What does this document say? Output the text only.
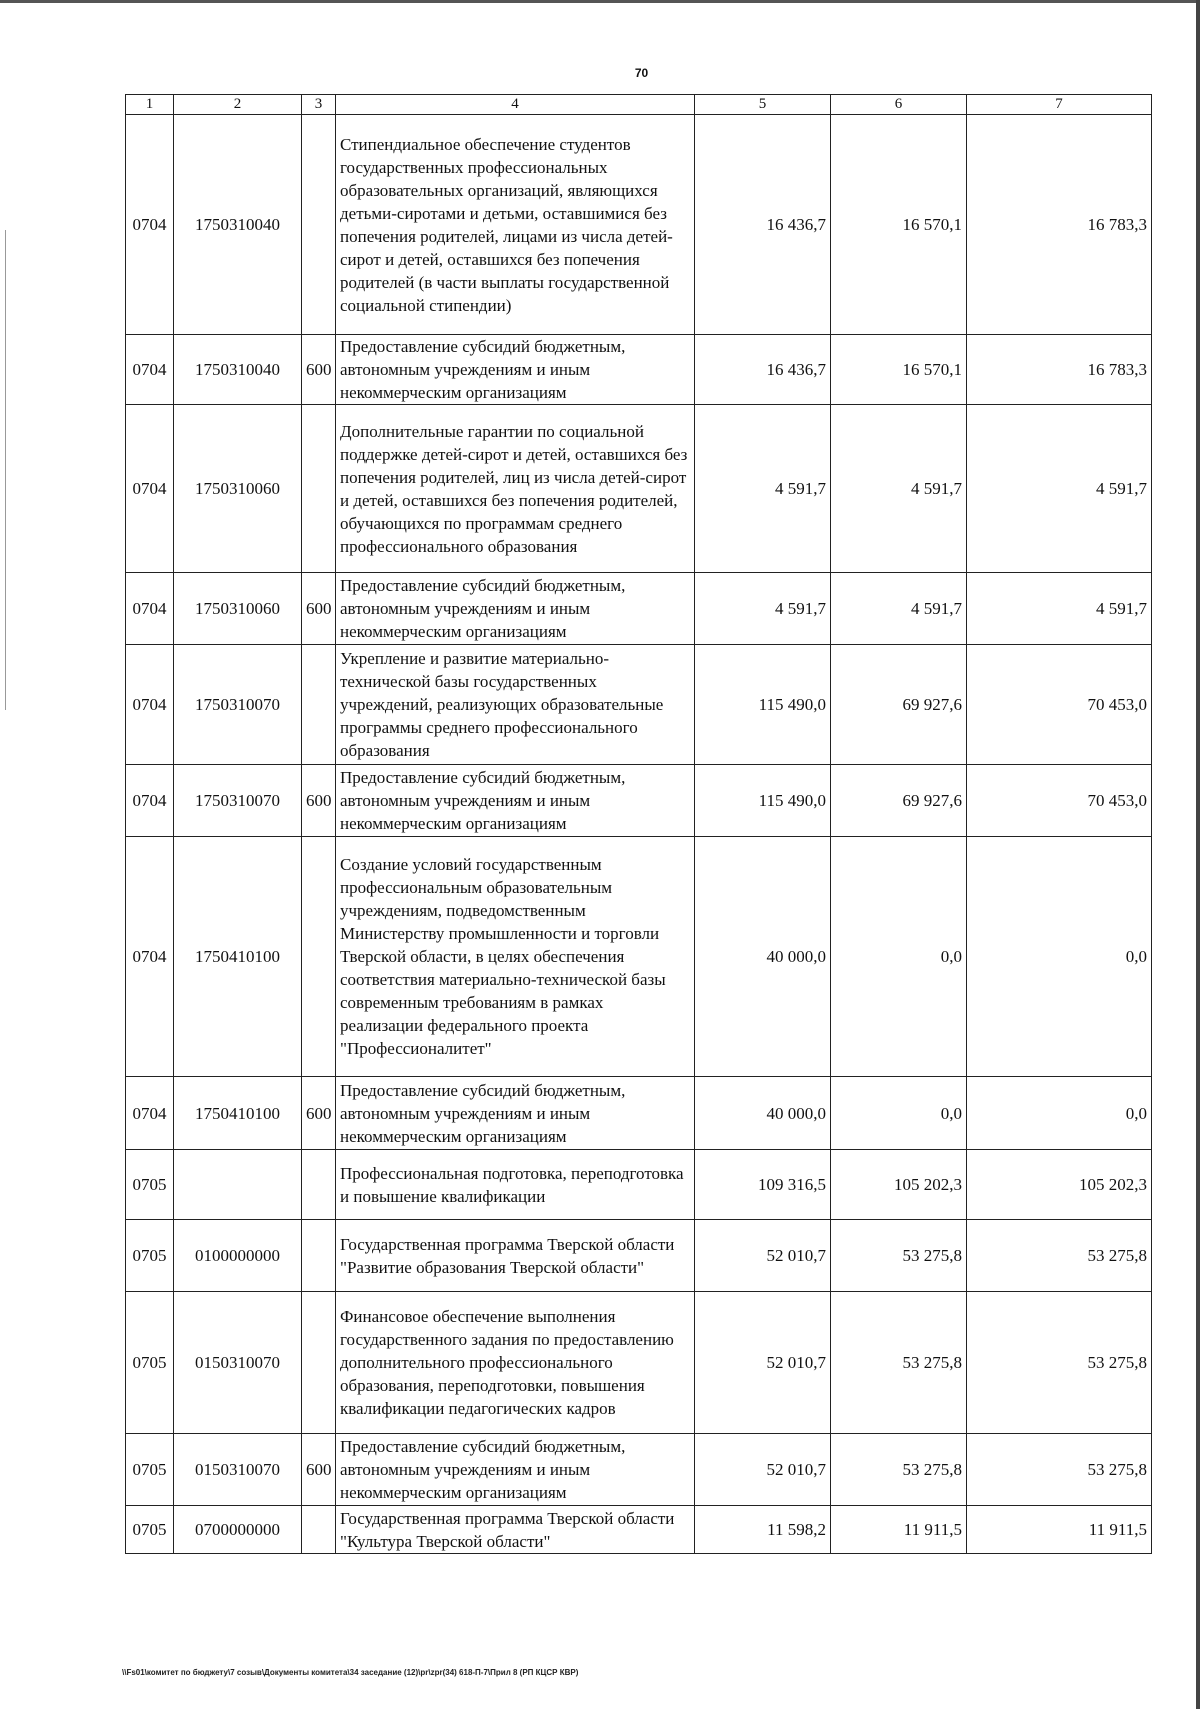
70
1	2	3	4	5	6	7
0704	1750310040		Стипендиальное обеспечение студентов государственных профессиональных образовательных организаций, являющихся детьми-сиротами и детьми, оставшимися без попечения родителей, лицами из числа детей-сирот и детей, оставшихся без попечения родителей (в части выплаты государственной социальной стипендии)	16 436,7	16 570,1	16 783,3
0704	1750310040	600	Предоставление субсидий бюджетным, автономным учреждениям и иным некоммерческим организациям	16 436,7	16 570,1	16 783,3
0704	1750310060		Дополнительные гарантии по социальной поддержке детей-сирот и детей, оставшихся без попечения родителей, лиц из числа детей-сирот и детей, оставшихся без попечения родителей, обучающихся по программам среднего профессионального образования	4 591,7	4 591,7	4 591,7
0704	1750310060	600	Предоставление субсидий бюджетным, автономным учреждениям и иным некоммерческим организациям	4 591,7	4 591,7	4 591,7
0704	1750310070		Укрепление и развитие материально-технической базы государственных учреждений, реализующих образовательные программы среднего профессионального образования	115 490,0	69 927,6	70 453,0
0704	1750310070	600	Предоставление субсидий бюджетным, автономным учреждениям и иным некоммерческим организациям	115 490,0	69 927,6	70 453,0
0704	1750410100		Создание условий государственным профессиональным образовательным учреждениям, подведомственным Министерству промышленности и торговли Тверской области, в целях обеспечения соответствия материально-технической базы современным требованиям в рамках реализации федерального проекта "Профессионалитет"	40 000,0	0,0	0,0
0704	1750410100	600	Предоставление субсидий бюджетным, автономным учреждениям и иным некоммерческим организациям	40 000,0	0,0	0,0
0705			Профессиональная подготовка, переподготовка и повышение квалификации	109 316,5	105 202,3	105 202,3
0705	0100000000		Государственная программа Тверской области "Развитие образования Тверской области"	52 010,7	53 275,8	53 275,8
0705	0150310070		Финансовое обеспечение выполнения государственного задания по предоставлению дополнительного профессионального образования, переподготовки, повышения квалификации педагогических кадров	52 010,7	53 275,8	53 275,8
0705	0150310070	600	Предоставление субсидий бюджетным, автономным учреждениям и иным некоммерческим организациям	52 010,7	53 275,8	53 275,8
0705	0700000000		Государственная программа Тверской области "Культура Тверской области"	11 598,2	11 911,5	11 911,5
\\Fs01\комитет по бюджету\7 созыв\Документы комитета\34 заседание (12)\pr\zpr(34) 618-П-7\Прил 8 (РП КЦСР КВР)
